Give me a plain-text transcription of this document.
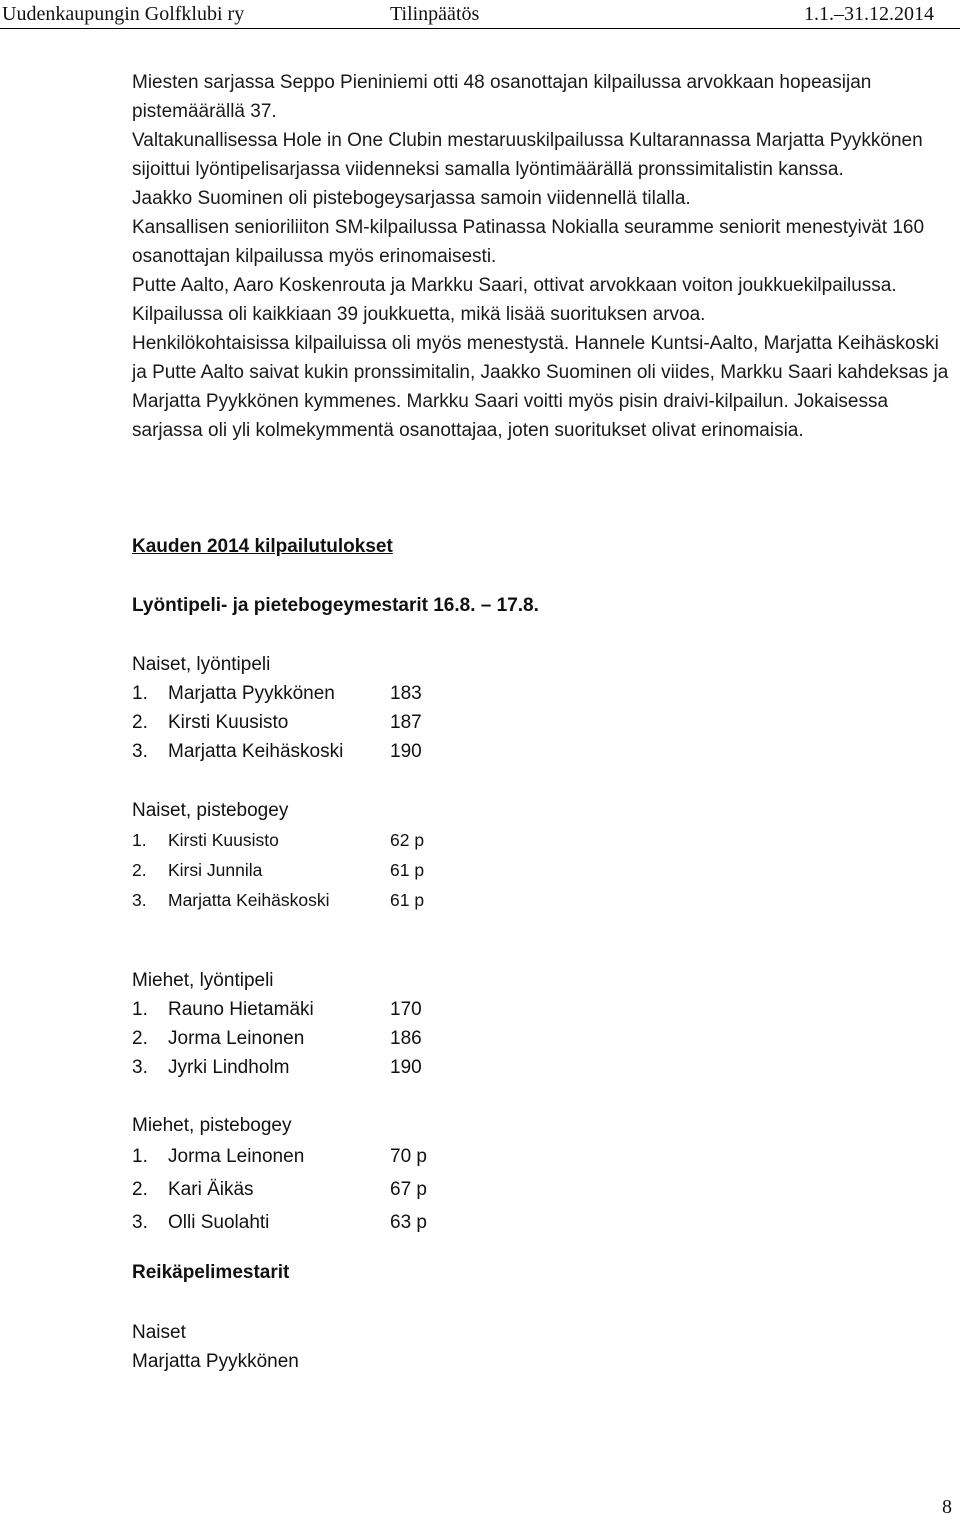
Uudenkaupungin Golfklubi ry	Tilinpäätös	1.1.–31.12.2014

Miesten sarjassa Seppo Pieniniemi otti 48 osanottajan kilpailussa arvokkaan hopeasijan pistemäärällä 37.

Valtakunallisessa Hole in One Clubin mestaruuskilpailussa Kultarannassa Marjatta Pyykkönen sijoittui lyöntipelisarjassa viidenneksi samalla lyöntimäärällä pronssimitalistin kanssa.

Jaakko Suominen oli pistebogeysarjassa samoin viidennellä tilalla.

Kansallisen senioriliiton SM-kilpailussa Patinassa Nokialla seuramme seniorit menestyivät 160 osanottajan kilpailussa myös erinomaisesti.

Putte Aalto, Aaro Koskenrouta ja Markku Saari, ottivat arvokkaan voiton joukkuekilpailussa. Kilpailussa oli kaikkiaan 39 joukkuetta, mikä lisää suorituksen arvoa.

Henkilökohtaisissa kilpailuissa oli myös menestystä. Hannele Kuntsi-Aalto, Marjatta Keihäskoski ja Putte Aalto saivat kukin pronssimitalin, Jaakko Suominen oli viides, Markku Saari kahdeksas ja Marjatta Pyykkönen kymmenes. Markku Saari voitti myös pisin draivi-kilpailun. Jokaisessa sarjassa oli yli kolmekymmentä osanottajaa, joten suoritukset olivat erinomaisia.

Kauden 2014 kilpailutulokset
Lyöntipeli- ja pietebogeymestarit 16.8. – 17.8.
Naiset, lyöntipeli
1. Marjatta Pyykkönen	183
2. Kirsti Kuusisto	187
3. Marjatta Keihäskoski 190
Naiset, pistebogey
1. Kirsti Kuusisto	62 p
2. Kirsi Junnila	61 p
3. Marjatta Keihäskoski	61 p
Miehet, lyöntipeli
1. Rauno Hietamäki	170
2. Jorma Leinonen	186
3. Jyrki Lindholm	190
Miehet, pistebogey
1. Jorma Leinonen	70 p
2. Kari Äikäs	67 p
3. Olli Suolahti	63 p
Reikäpelimestarit
Naiset
Marjatta Pyykkönen
8
